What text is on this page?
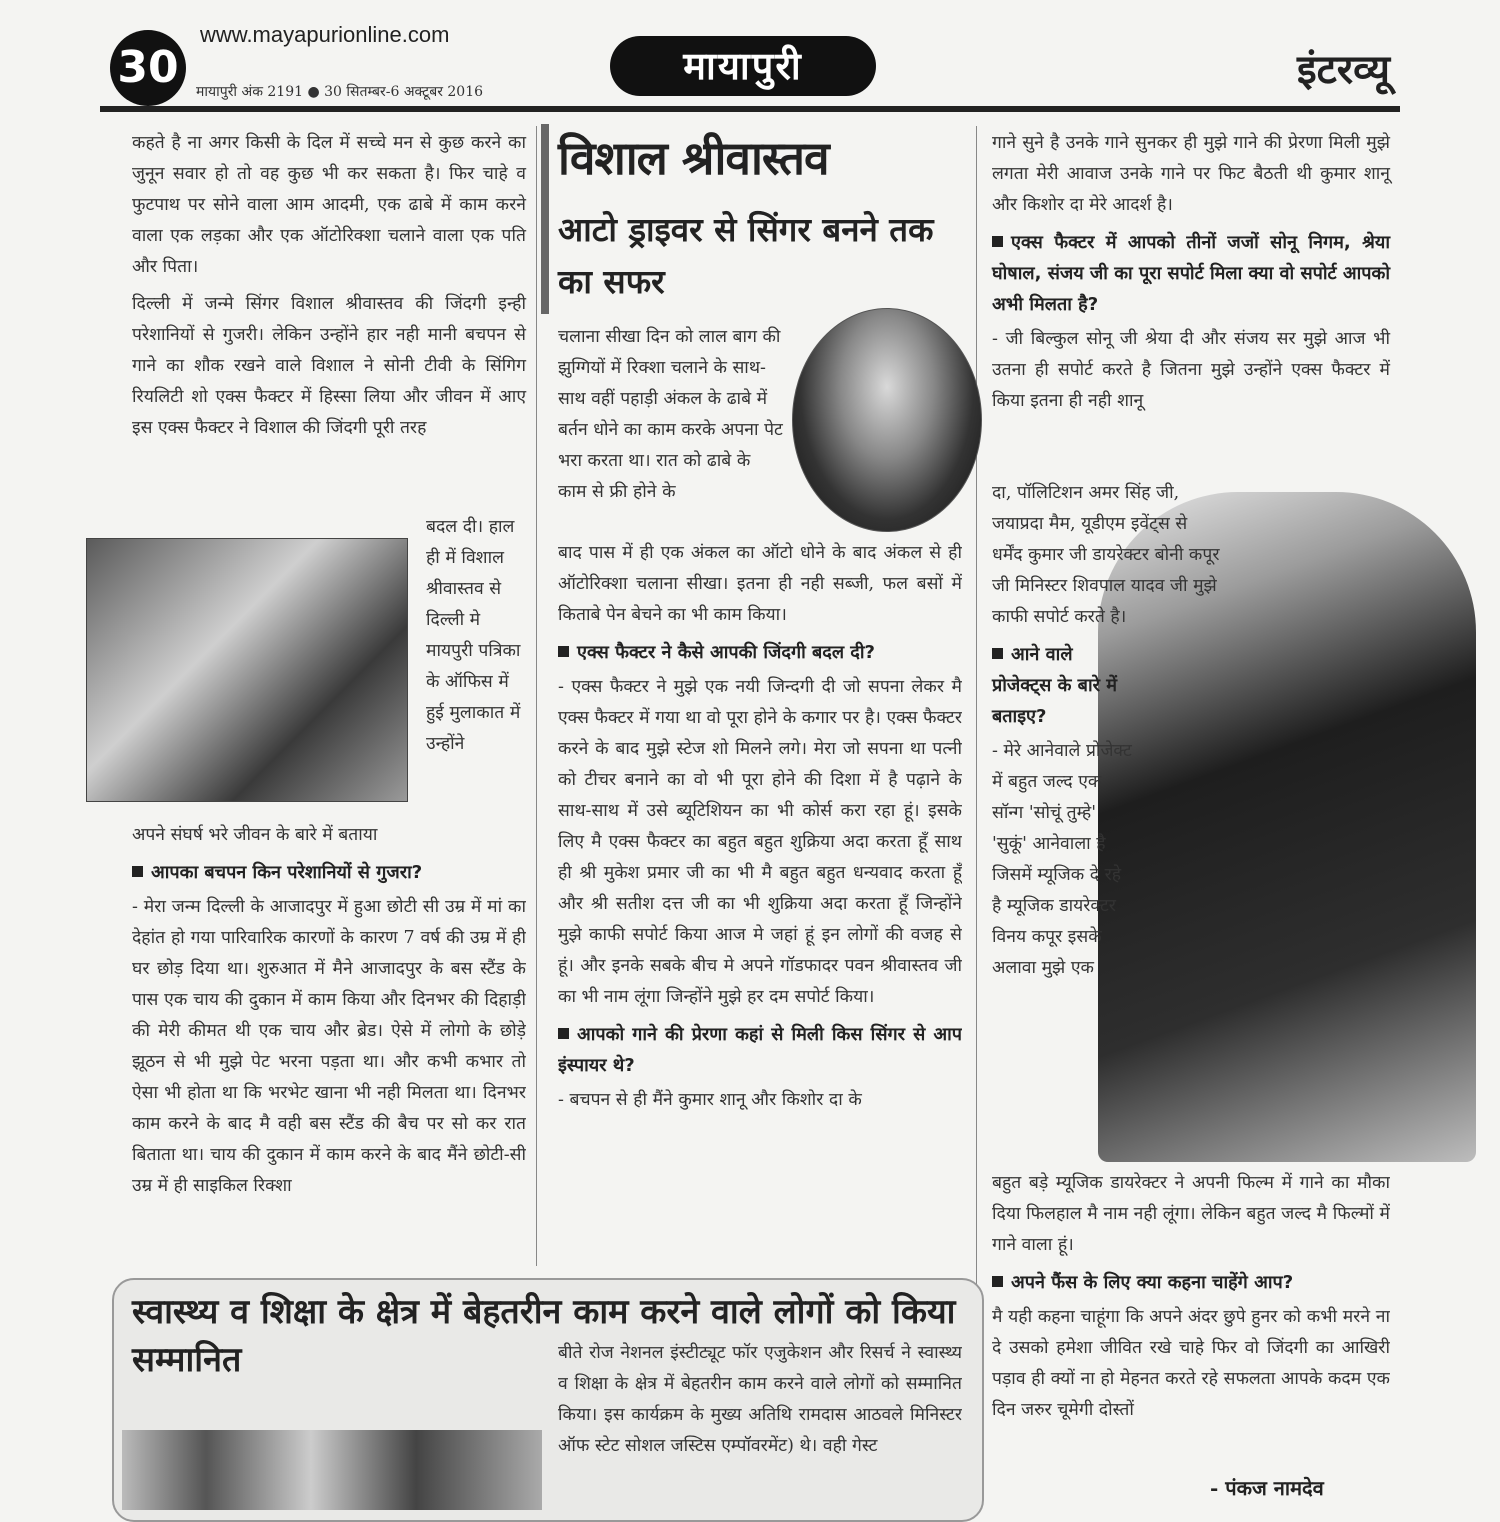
30
www.mayapurionline.com
मायापुरी अंक 2191 ● 30 सितम्बर-6 अक्टूबर 2016
मायापुरी	इंटरव्यू

कहते है ना अगर किसी के दिल में सच्चे मन से कुछ करने का जुनून सवार हो तो वह कुछ भी कर सकता है। फिर चाहे व फुटपाथ पर सोने वाला आम आदमी, एक ढाबे में काम करने वाला एक लड़का और एक ऑटोरिक्शा चलाने वाला एक पति और पिता।

दिल्ली में जन्मे सिंगर विशाल श्रीवास्तव की जिंदगी इन्ही परेशानियों से गुजरी। लेकिन उन्होंने हार नही मानी बचपन से गाने का शौक रखने वाले विशाल ने सोनी टीवी के सिंगिग रियलिटी शो एक्स फैक्टर में हिस्सा लिया और जीवन में आए इस एक्स फैक्टर ने विशाल की जिंदगी पूरी तरह

बदल दी। हाल ही में विशाल श्रीवास्तव से दिल्ली मे मायपुरी पत्रिका के ऑफिस में हुई मुलाकात में उन्होंने

अपने संघर्ष भरे जीवन के बारे में बताया

आपका बचपन किन परेशानियों से गुजरा?

- मेरा जन्म दिल्ली के आजादपुर में हुआ छोटी सी उम्र में मां का देहांत हो गया पारिवारिक कारणों के कारण 7 वर्ष की उम्र में ही घर छोड़ दिया था। शुरुआत में मैने आजादपुर के बस स्टैंड के पास एक चाय की दुकान में काम किया और दिनभर की दिहाड़ी की मेरी कीमत थी एक चाय और ब्रेड। ऐसे में लोगो के छोड़े झूठन से भी मुझे पेट भरना पड़ता था। और कभी कभार तो ऐसा भी होता था कि भरभेट खाना भी नही मिलता था। दिनभर काम करने के बाद मै वही बस स्टैंड की बैच पर सो कर रात बिताता था। चाय की दुकान में काम करने के बाद मैंने छोटी-सी उम्र में ही साइकिल रिक्शा

विशाल श्रीवास्तव
आटो ड्राइवर से सिंगर बनने तक का सफर
चलाना सीखा दिन को लाल बाग की झुग्गियों में रिक्शा चलाने के साथ-साथ वहीं पहाड़ी अंकल के ढाबे में बर्तन धोने का काम करके अपना पेट भरा करता था। रात को ढाबे के काम से फ्री होने के

बाद पास में ही एक अंकल का ऑटो धोने के बाद अंकल से ही ऑटोरिक्शा चलाना सीखा। इतना ही नही सब्जी, फल बसों में किताबे पेन बेचने का भी काम किया।

एक्स फैक्टर ने कैसे आपकी जिंदगी बदल दी?

- एक्स फैक्टर ने मुझे एक नयी जिन्दगी दी जो सपना लेकर मै एक्स फैक्टर में गया था वो पूरा होने के कगार पर है। एक्स फैक्टर करने के बाद मुझे स्टेज शो मिलने लगे। मेरा जो सपना था पत्नी को टीचर बनाने का वो भी पूरा होने की दिशा में है पढ़ाने के साथ-साथ में उसे ब्यूटिशियन का भी कोर्स करा रहा हूं। इसके लिए मै एक्स फैक्टर का बहुत बहुत शुक्रिया अदा करता हूँ साथ ही श्री मुकेश प्रमार जी का भी मै बहुत बहुत धन्यवाद करता हूँ और श्री सतीश दत्त जी का भी शुक्रिया अदा करता हूँ जिन्होंने मुझे काफी सपोर्ट किया आज मे जहां हूं इन लोगों की वजह से हूं। और इनके सबके बीच मे अपने गॉडफादर पवन श्रीवास्तव जी का भी नाम लूंगा जिन्होंने मुझे हर दम सपोर्ट किया।

आपको गाने की प्रेरणा कहां से मिली किस सिंगर से आप इंस्पायर थे?

- बचपन से ही मैंने कुमार शानू और किशोर दा के

गाने सुने है उनके गाने सुनकर ही मुझे गाने की प्रेरणा मिली मुझे लगता मेरी आवाज उनके गाने पर फिट बैठती थी कुमार शानू और किशोर दा मेरे आदर्श है।

एक्स फैक्टर में आपको तीनों जजों सोनू निगम, श्रेया घोषाल, संजय जी का पूरा सपोर्ट मिला क्या वो सपोर्ट आपको अभी मिलता है?

- जी बिल्कुल सोनू जी श्रेया दी और संजय सर मुझे आज भी उतना ही सपोर्ट करते है जितना मुझे उन्होंने एक्स फैक्टर में किया इतना ही नही शानू

दा, पॉलिटिशन अमर सिंह जी, जयाप्रदा मैम, यूडीएम इवेंट्स से धर्मेंद कुमार जी डायरेक्टर बोनी कपूर जी मिनिस्टर शिवपाल यादव जी मुझे काफी सपोर्ट करते है।

आने वाले प्रोजेक्ट्स के बारे में बताइए?

- मेरे आनेवाले प्रोजेक्ट में बहुत जल्द एक सॉन्ग 'सोचूं तुम्हे' 'सुकूं' आनेवाला है जिसमें म्यूजिक दे रहे है म्यूजिक डायरेक्टर विनय कपूर इसके अलावा मुझे एक

बहुत बड़े म्यूजिक डायरेक्टर ने अपनी फिल्म में गाने का मौका दिया फिलहाल मै नाम नही लूंगा। लेकिन बहुत जल्द मै फिल्मों में गाने वाला हूं।

अपने फैंस के लिए क्या कहना चाहेंगे आप?

मै यही कहना चाहूंगा कि अपने अंदर छुपे हुनर को कभी मरने ना दे उसको हमेशा जीवित रखे चाहे फिर वो जिंदगी का आखिरी पड़ाव ही क्यों ना हो मेहनत करते रहे सफलता आपके कदम एक दिन जरुर चूमेगी दोस्तों

- पंकज नामदेव
स्वास्थ्य व शिक्षा के क्षेत्र में बेहतरीन काम करने वाले लोगों को किया सम्मानित	बीते रोज नेशनल इंस्टीट्यूट फॉर एजुकेशन और रिसर्च ने स्वास्थ्य व शिक्षा के क्षेत्र में बेहतरीन काम करने वाले लोगों को सम्मानित किया। इस कार्यक्रम के मुख्य अतिथि रामदास आठवले मिनिस्टर ऑफ स्टेट सोशल जस्टिस एम्पॉवरमेंट) थे। वही गेस्ट
